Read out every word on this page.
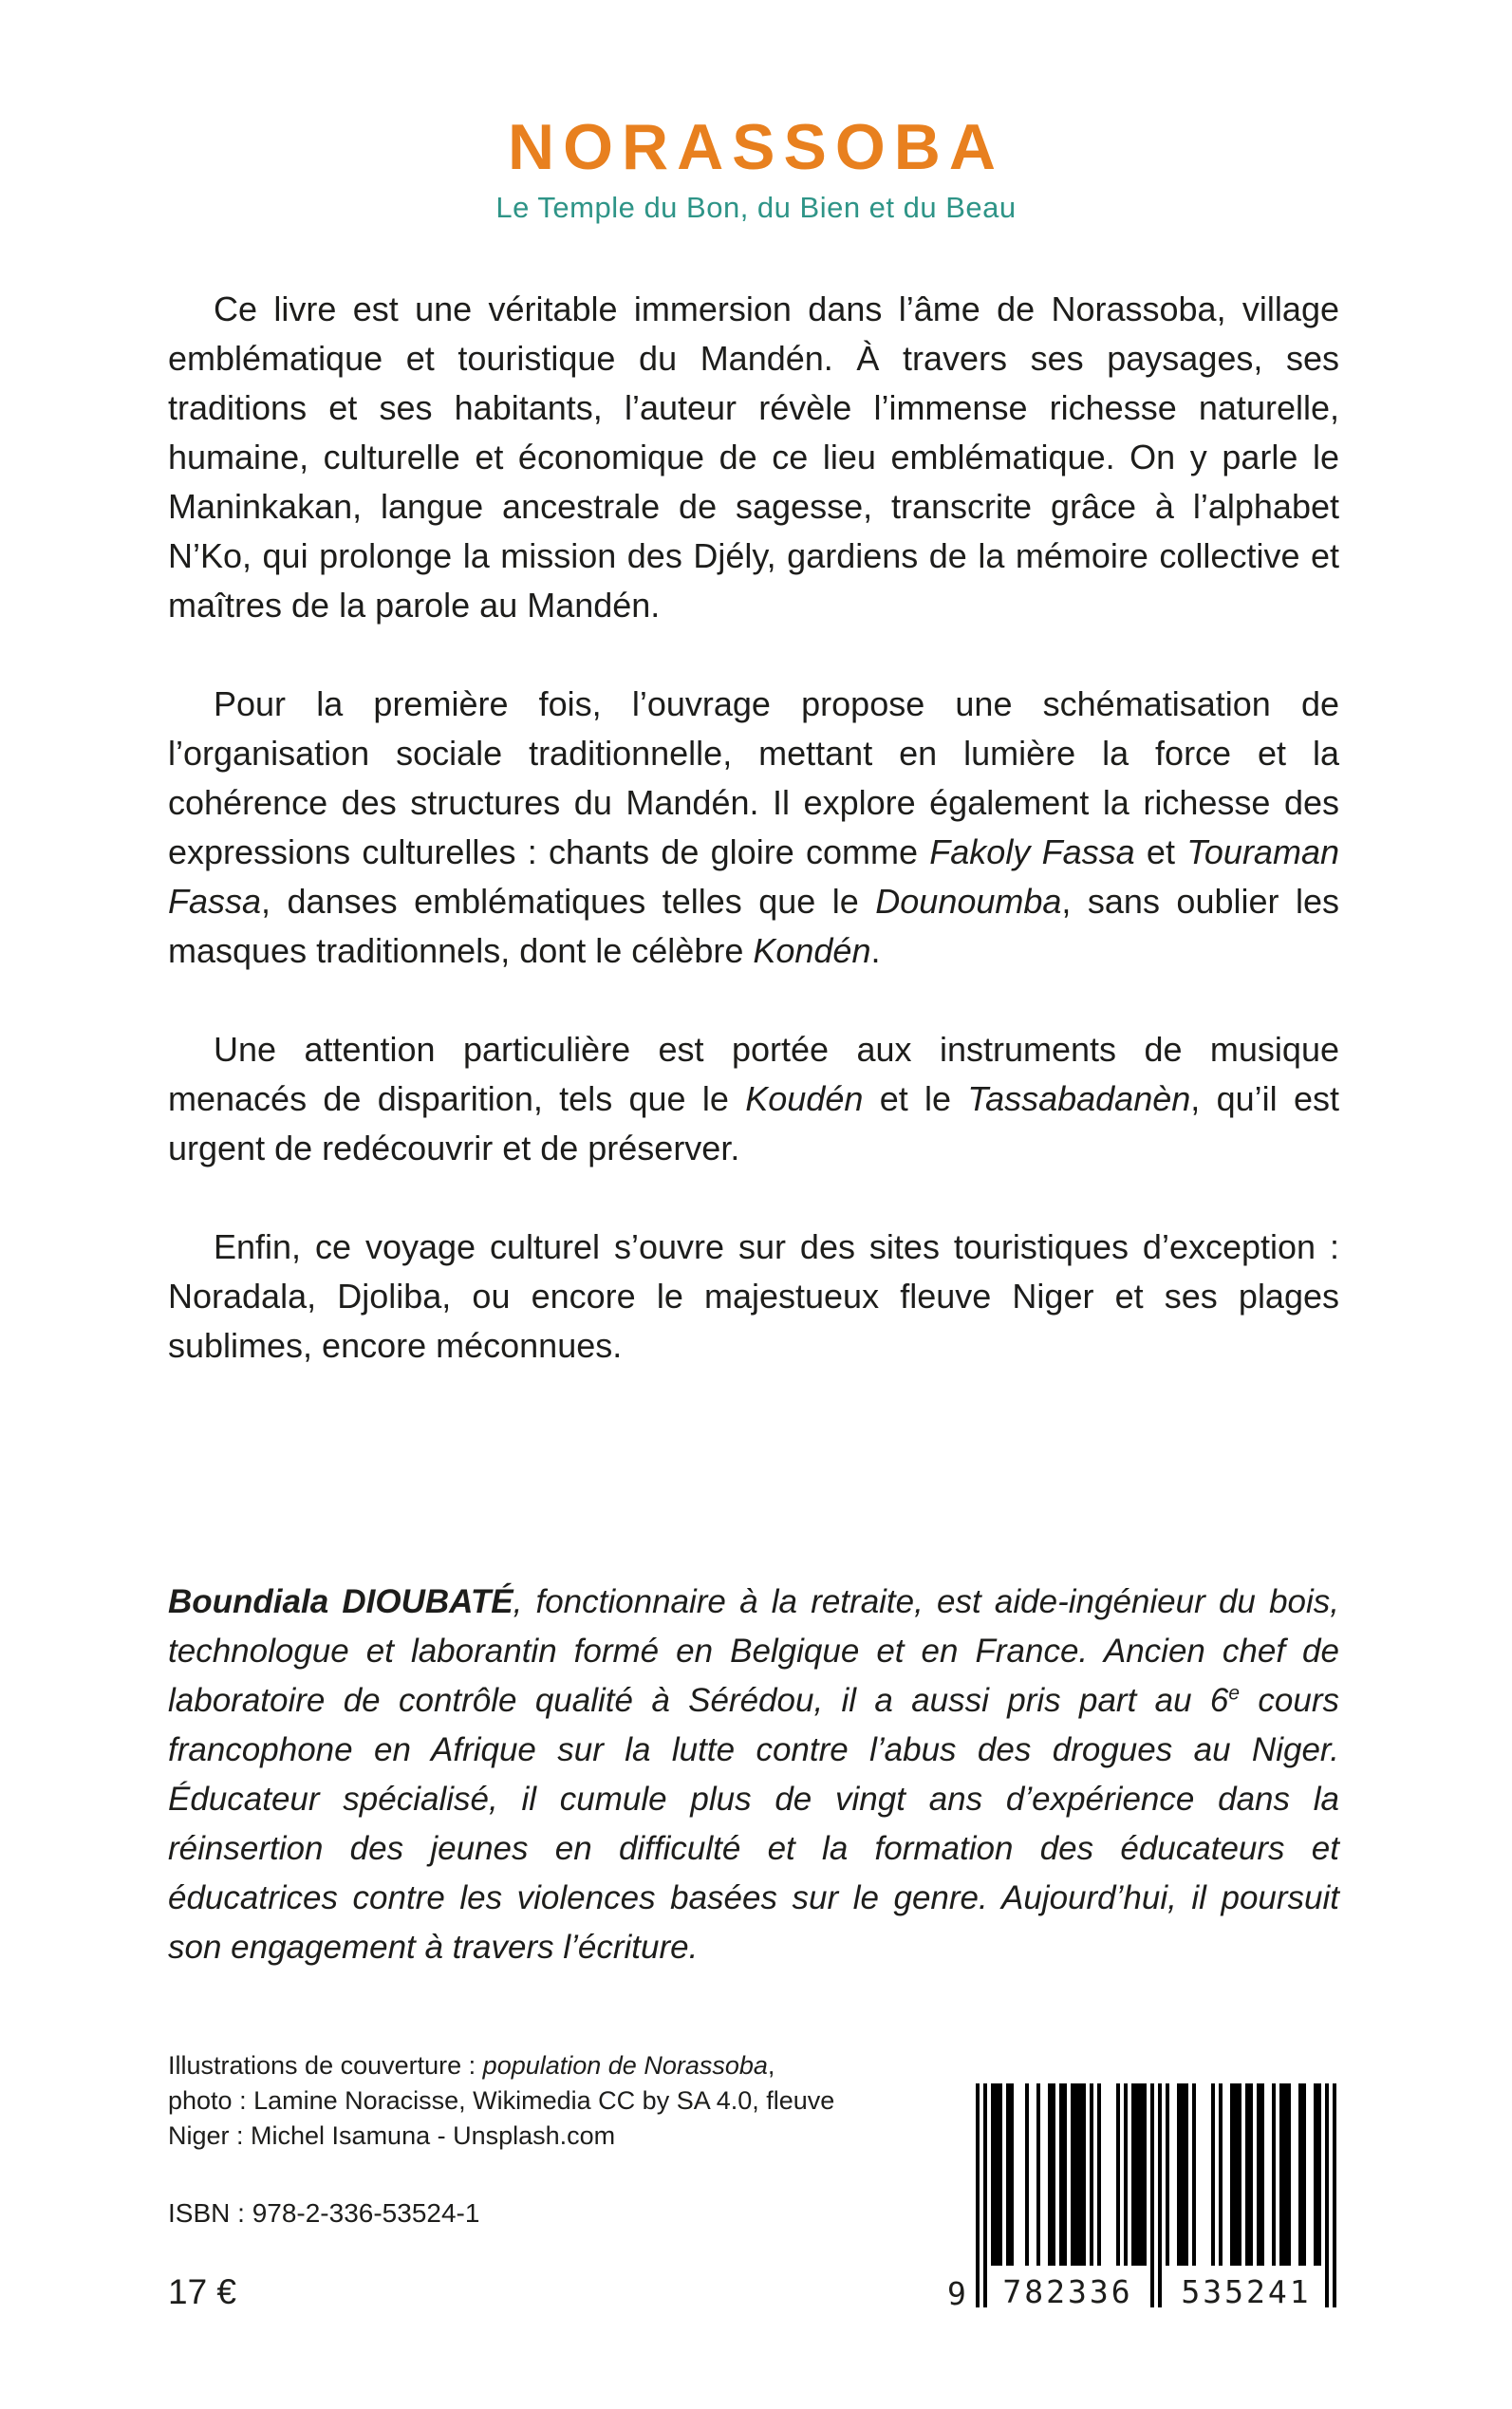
NORASSOBA
Le Temple du Bon, du Bien et du Beau

Ce livre est une véritable immersion dans l’âme de Norassoba, village emblématique et touristique du Mandén. À travers ses paysages, ses traditions et ses habitants, l’auteur révèle l’immense richesse naturelle, humaine, culturelle et économique de ce lieu emblématique. On y parle le Maninkakan, langue ancestrale de sagesse, transcrite grâce à l’alphabet N’Ko, qui prolonge la mission des Djély, gardiens de la mémoire collective et maîtres de la parole au Mandén.

Pour la première fois, l’ouvrage propose une schématisation de l’organisation sociale traditionnelle, mettant en lumière la force et la cohérence des structures du Mandén. Il explore également la richesse des expressions culturelles : chants de gloire comme Fakoly Fassa et Touraman Fassa, danses emblématiques telles que le Dounoumba, sans oublier les masques traditionnels, dont le célèbre Kondén.

Une attention particulière est portée aux instruments de musique menacés de disparition, tels que le Koudén et le Tassabadanèn, qu’il est urgent de redécouvrir et de préserver.

Enfin, ce voyage culturel s’ouvre sur des sites touristiques d’exception : Noradala, Djoliba, ou encore le majestueux fleuve Niger et ses plages sublimes, encore méconnues.

Boundiala DIOUBATÉ, fonctionnaire à la retraite, est aide-ingénieur du bois, technologue et laborantin formé en Belgique et en France. Ancien chef de laboratoire de contrôle qualité à Sérédou, il a aussi pris part au 6e cours francophone en Afrique sur la lutte contre l’abus des drogues au Niger. Éducateur spécialisé, il cumule plus de vingt ans d’expérience dans la réinsertion des jeunes en difficulté et la formation des éducateurs et éducatrices contre les violences basées sur le genre. Aujourd’hui, il poursuit son engagement à travers l’écriture.

Illustrations de couverture : population de Norassoba,
photo : Lamine Noracisse, Wikimedia CC by SA 4.0, fleuve
Niger : Michel Isamuna - Unsplash.com
ISBN : 978-2-336-53524-1
17 €	9	782336	535241
